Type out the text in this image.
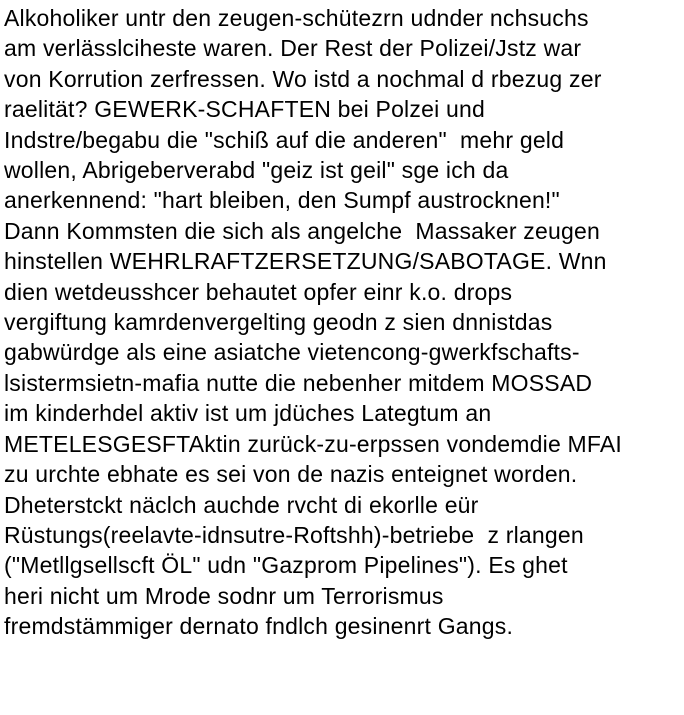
Alkoholiker untr den zeugen-schütezrn udnder nchsuchs
am verlässlciheste waren. Der Rest der Polizei/Jstz war
von Korrution zerfressen. Wo istd a nochmal d rbezug zer
raelität? GEWERK-SCHAFTEN bei Polzei und
Indstre/begabu die "schiß auf die anderen"  mehr geld
wollen, Abrigeberverabd "geiz ist geil" sge ich da
anerkennend: "hart bleiben, den Sumpf austrocknen!"
Dann Kommsten die sich als angelche  Massaker zeugen
hinstellen WEHRLRAFTZERSETZUNG/SABOTAGE. Wnn
dien wetdeusshcer behautet opfer einr k.o. drops
vergiftung kamrdenvergelting geodn z sien dnnistdas
gabwürdge als eine asiatche vietencong-gwerkfschafts-
lsistermsietn-mafia nutte die nebenher mitdem MOSSAD
im kinderhdel aktiv ist um jdüches Lategtum an
METELESGESFTAktin zurück-zu-erpssen vondemdie MFAI
zu urchte ebhate es sei von de nazis enteignet worden.
Dheterstckt näclch auchde rvcht di ekorlle eür
Rüstungs(reelavte-idnsutre-Roftshh)-betriebe  z rlangen
("Metllgsellscft ÖL" udn "Gazprom Pipelines"). Es ghet
heri nicht um Mrode sodnr um Terrorismus
fremdstämmiger dernato fndlch gesinenrt Gangs.
